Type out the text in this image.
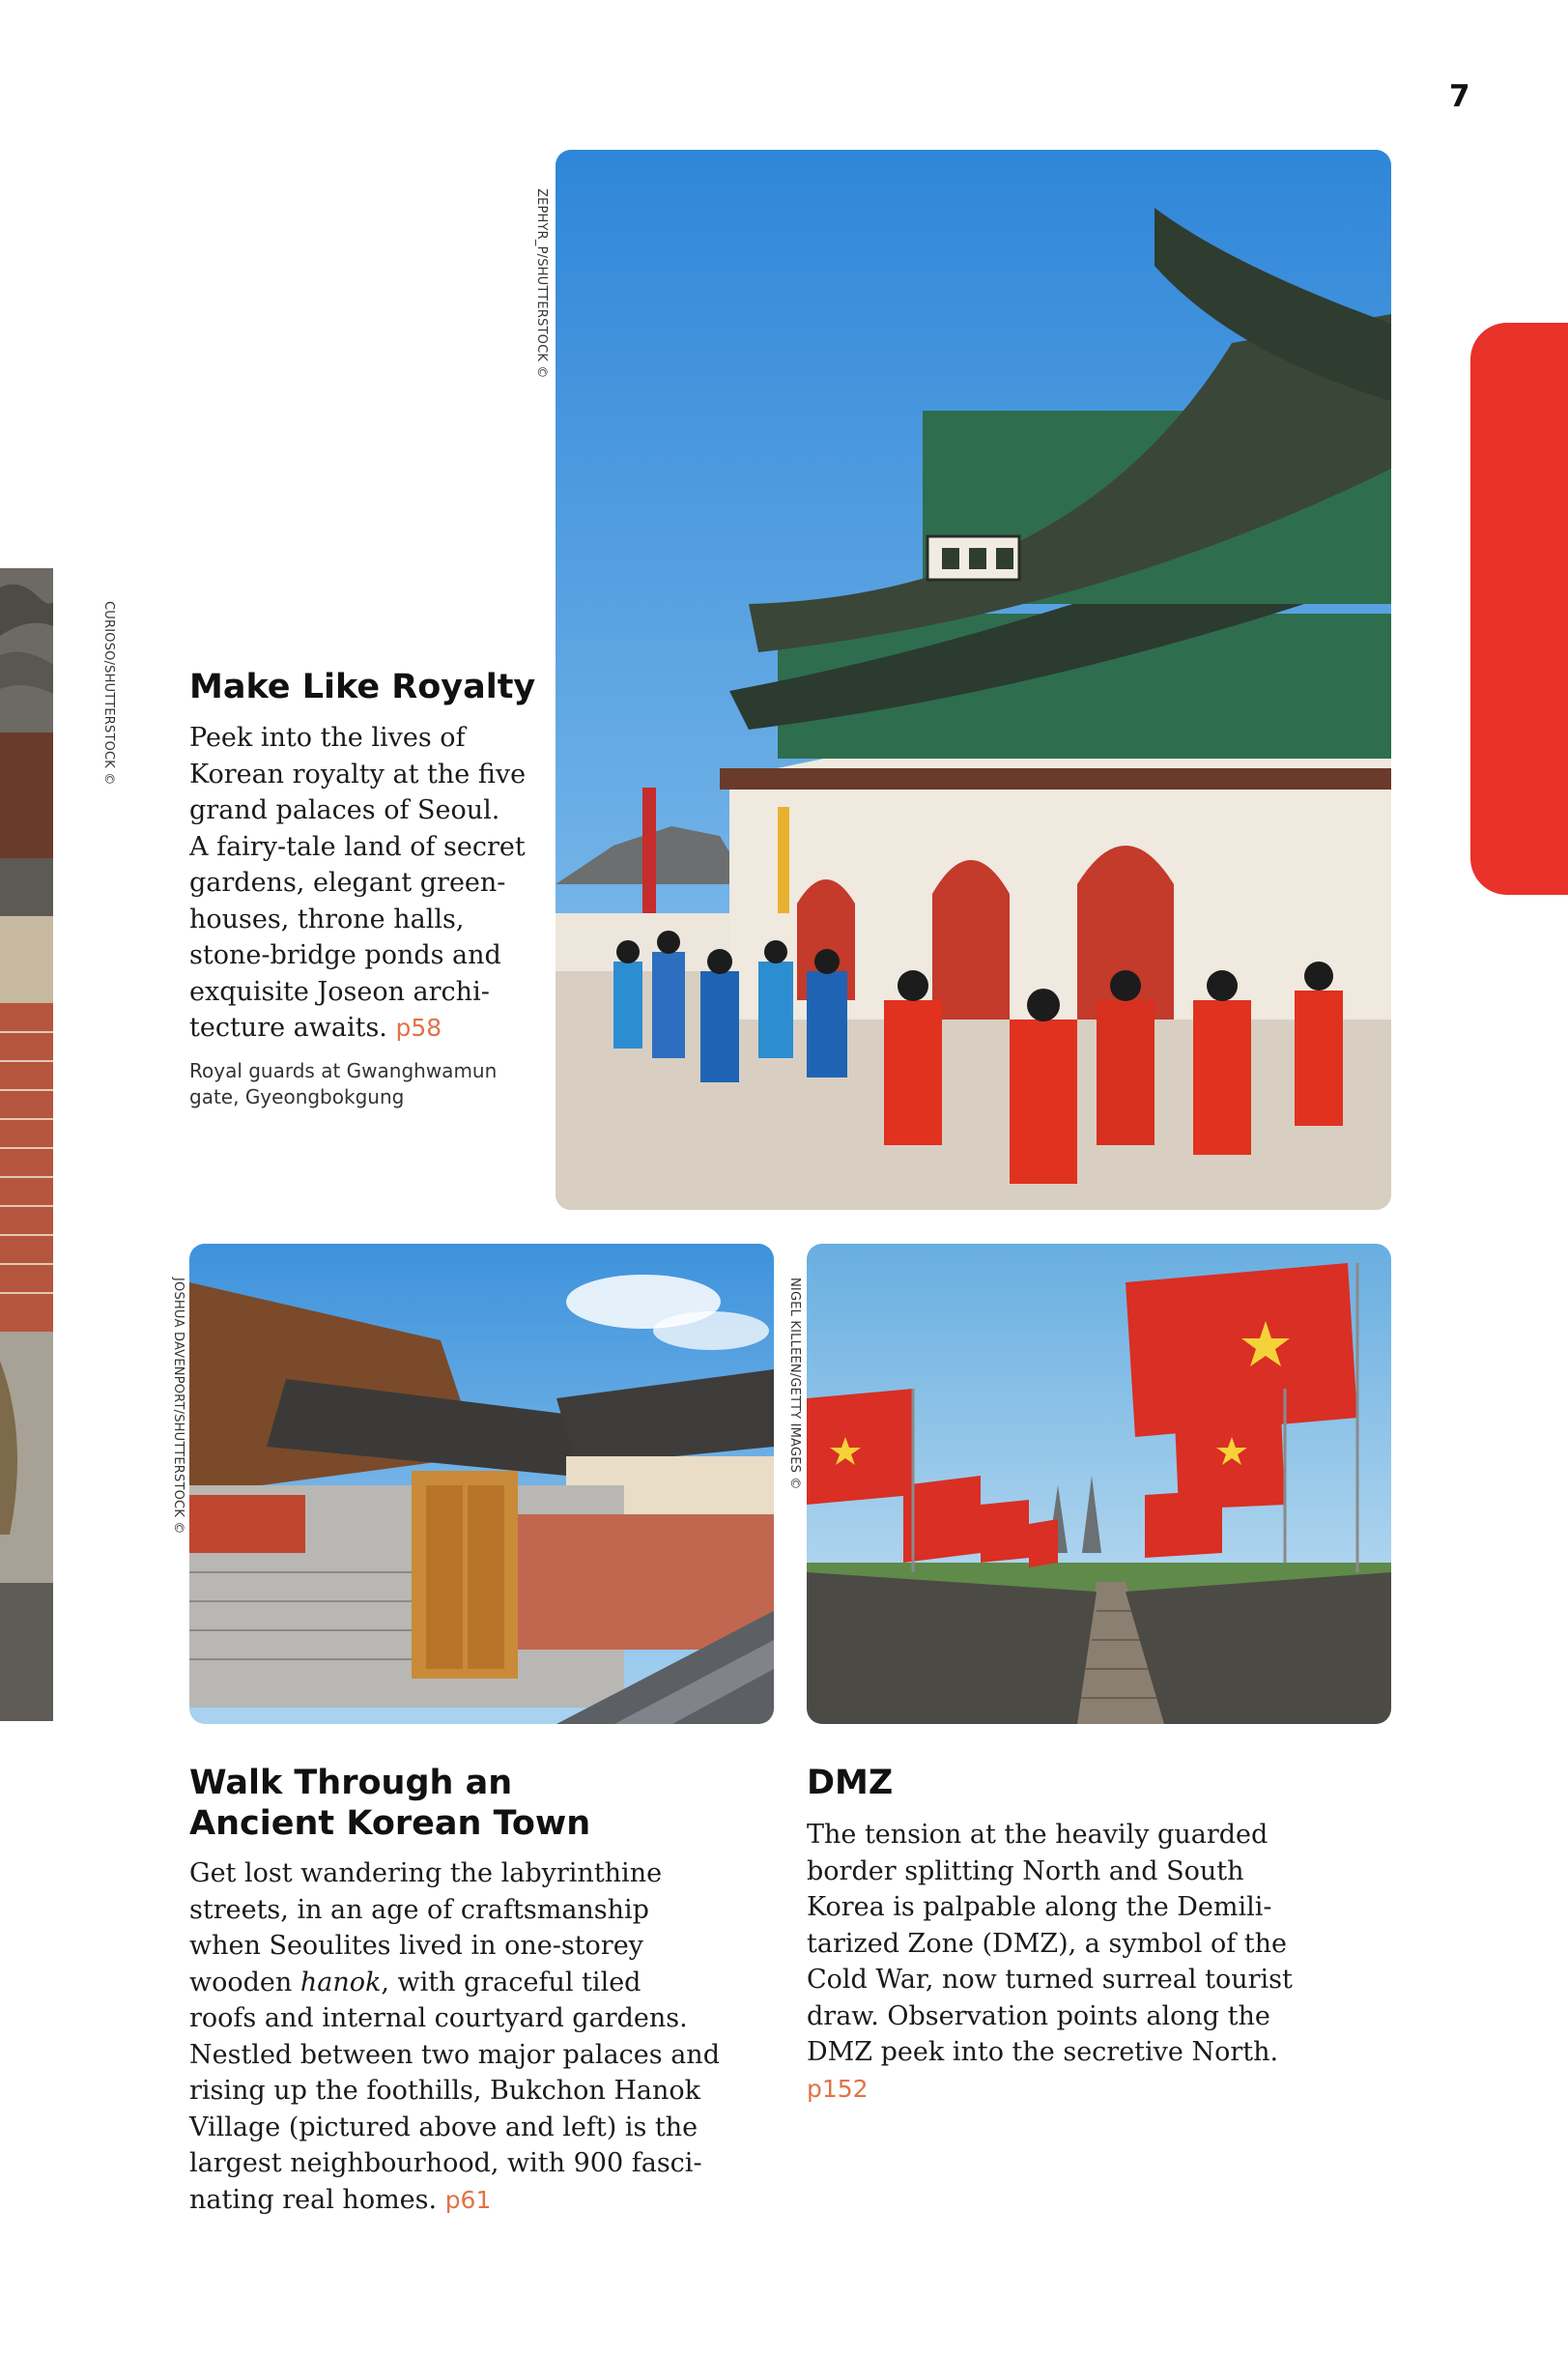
7
CURIOSO/SHUTTERSTOCK ©
ZEPHYR_P/SHUTTERSTOCK ©
Make Like Royalty

Peek into the lives of
Korean royalty at the five
grand palaces of Seoul.
A fairy-tale land of secret
gardens, elegant green-
houses, throne halls,
stone-bridge ponds and
exquisite Joseon archi-
tecture awaits. p58

Royal guards at Gwanghwamun
gate, Gyeongbokgung
JOSHUA DAVENPORT/SHUTTERSTOCK ©	NIGEL KILLEEN/GETTY IMAGES ©
Walk Through an
Ancient Korean Town

Get lost wandering the labyrinthine
streets, in an age of craftsmanship
when Seoulites lived in one-storey
wooden hanok, with graceful tiled
roofs and internal courtyard gardens.
Nestled between two major palaces and
rising up the foothills, Bukchon Hanok
Village (pictured above and left) is the
largest neighbourhood, with 900 fasci-
nating real homes. p61

DMZ

The tension at the heavily guarded
border splitting North and South
Korea is palpable along the Demili-
tarized Zone (DMZ), a symbol of the
Cold War, now turned surreal tourist
draw. Observation points along the
DMZ peek into the secretive North.
p152
